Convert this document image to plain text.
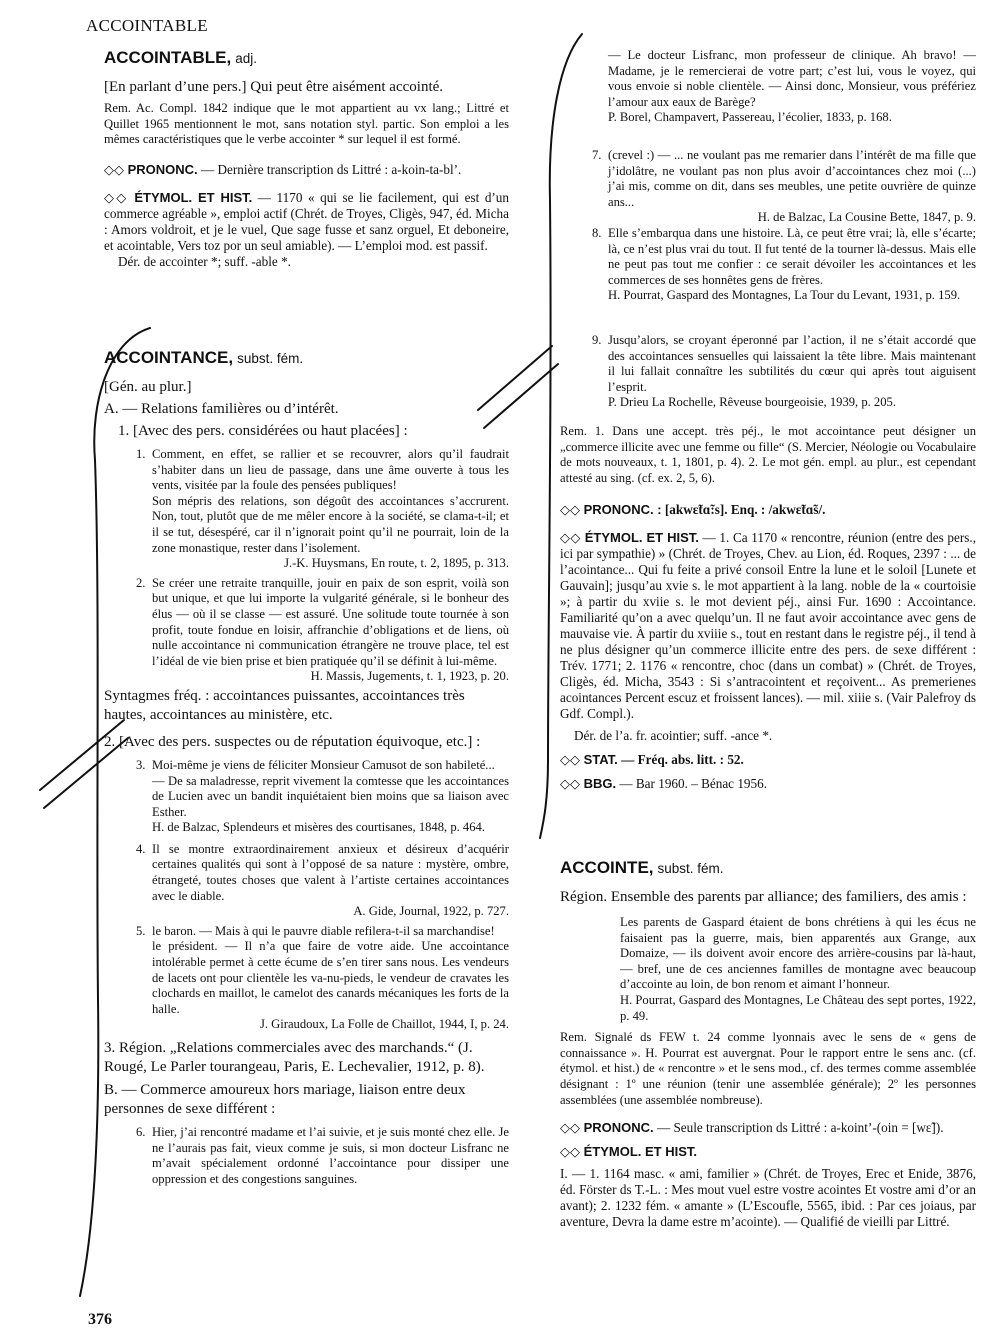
ACCOINTABLE
ACCOINTABLE, adj.

[En parlant d’une pers.] Qui peut être aisément accointé.

Rem. Ac. Compl. 1842 indique que le mot appartient au vx lang.; Littré et Quillet 1965 mentionnent le mot, sans notation styl. partic. Son emploi a les mêmes caractéristiques que le verbe accointer * sur lequel il est formé.

◇◇ PRONONC. — Dernière transcription ds Littré : a-koin-ta-bl’.

◇◇ ÉTYMOL. ET HIST. — 1170 « qui se lie facilement, qui est d’un commerce agréable », emploi actif (Chrét. de Troyes, Cligès, 947, éd. Micha : Amors voldroit, et je le vuel, Que sage fusse et sanz orguel, Et deboneire, et acointable, Vers toz por un seul amiable). — L’emploi mod. est passif.

Dér. de accointer *; suff. -able *.

ACCOINTANCE, subst. fém.

[Gén. au plur.]

A. — Relations familières ou d’intérêt.

1. [Avec des pers. considérées ou haut placées] :

1. Comment, en effet, se rallier et se recouvrer, alors qu’il faudrait s’habiter dans un lieu de passage, dans une âme ouverte à tous les vents, visitée par la foule des pensées publiques!

Son mépris des relations, son dégoût des accointances s’accrurent. Non, tout, plutôt que de me mêler encore à la société, se clama-t-il; et il se tut, désespéré, car il n’ignorait point qu’il ne pourrait, loin de la zone monastique, rester dans l’isolement.

J.-K. Huysmans, En route, t. 2, 1895, p. 313.

2. Se créer une retraite tranquille, jouir en paix de son esprit, voilà son but unique, et que lui importe la vulgarité générale, si le bonheur des élus — où il se classe — est assuré. Une solitude toute tournée à son profit, toute fondue en loisir, affranchie d’obligations et de liens, où nulle accointance ni communication étrangère ne trouve place, tel est l’idéal de vie bien prise et bien pratiquée qu’il se définit à lui-même.

H. Massis, Jugements, t. 1, 1923, p. 20.

Syntagmes fréq. : accointances puissantes, accointances très hautes, accointances au ministère, etc.

2. [Avec des pers. suspectes ou de réputation équivoque, etc.] :

3. Moi-même je viens de féliciter Monsieur Camusot de son habileté...

— De sa maladresse, reprit vivement la comtesse que les accointances de Lucien avec un bandit inquiétaient bien moins que sa liaison avec Esther.

H. de Balzac, Splendeurs et misères des courtisanes, 1848, p. 464.

4. Il se montre extraordinairement anxieux et désireux d’acquérir certaines qualités qui sont à l’opposé de sa nature : mystère, ombre, étrangeté, toutes choses que valent à l’artiste certaines accointances avec le diable.

A. Gide, Journal, 1922, p. 727.

5. le baron. — Mais à qui le pauvre diable refilera-t-il sa marchandise!

le président. — Il n’a que faire de votre aide. Une accointance intolérable permet à cette écume de s’en tirer sans nous. Les vendeurs de lacets ont pour clientèle les va-nu-pieds, le vendeur de cravates les clochards en maillot, le camelot des canards mécaniques les forts de la halle.

J. Giraudoux, La Folle de Chaillot, 1944, I, p. 24.

3. Région. „Relations commerciales avec des marchands.“ (J. Rougé, Le Parler tourangeau, Paris, E. Lechevalier, 1912, p. 8).

B. — Commerce amoureux hors mariage, liaison entre deux personnes de sexe différent :

6. Hier, j’ai rencontré madame et l’ai suivie, et je suis monté chez elle. Je ne l’aurais pas fait, vieux comme je suis, si mon docteur Lisfranc ne m’avait spécialement ordonné l’accointance pour dissiper une oppression et des congestions sanguines.

376

— Le docteur Lisfranc, mon professeur de clinique. Ah bravo! — Madame, je le remercierai de votre part; c’est lui, vous le voyez, qui vous envoie si noble clientèle. — Ainsi donc, Monsieur, vous préfériez l’amour aux eaux de Barège?

P. Borel, Champavert, Passereau, l’écolier, 1833, p. 168.

7. (crevel :) — ... ne voulant pas me remarier dans l’intérêt de ma fille que j’idolâtre, ne voulant pas non plus avoir d’accointances chez moi (...) j’ai mis, comme on dit, dans ses meubles, une petite ouvrière de quinze ans...

H. de Balzac, La Cousine Bette, 1847, p. 9.

8. Elle s’embarqua dans une histoire. Là, ce peut être vrai; là, elle s’écarte; là, ce n’est plus vrai du tout. Il fut tenté de la tourner là-dessus. Mais elle ne peut pas tout me confier : ce serait dévoiler les accointances et les commerces de ses honnêtes gens de frères.

H. Pourrat, Gaspard des Montagnes, La Tour du Levant, 1931, p. 159.

9. Jusqu’alors, se croyant éperonné par l’action, il ne s’était accordé que des accointances sensuelles qui laissaient la tête libre. Mais maintenant il lui fallait connaître les subtilités du cœur qui après tout aiguisent l’esprit.

P. Drieu La Rochelle, Rêveuse bourgeoisie, 1939, p. 205.

Rem. 1. Dans une accept. très péj., le mot accointance peut désigner un „commerce illicite avec une femme ou fille“ (S. Mercier, Néologie ou Vocabulaire de mots nouveaux, t. 1, 1801, p. 4). 2. Le mot gén. empl. au plur., est cependant attesté au sing. (cf. ex. 2, 5, 6).

◇◇ PRONONC. : [akwɛ̃tɑ̃:s]. Enq. : /akwɛ̃tɑ̃s/.

◇◇ ÉTYMOL. ET HIST. — 1. Ca 1170 « rencontre, réunion (entre des pers., ici par sympathie) » (Chrét. de Troyes, Chev. au Lion, éd. Roques, 2397 : ... de l’acointance... Qui fu feite a privé consoil Entre la lune et le soloil [Lunete et Gauvain]; jusqu’au xvie s. le mot appartient à la lang. noble de la « courtoisie »; à partir du xviie s. le mot devient péj., ainsi Fur. 1690 : Accointance. Familiarité qu’on a avec quelqu’un. Il ne faut avoir accointance avec gens de mauvaise vie. À partir du xviiie s., tout en restant dans le registre péj., il tend à ne plus désigner qu’un commerce illicite entre des pers. de sexe différent : Trév. 1771; 2. 1176 « rencontre, choc (dans un combat) » (Chrét. de Troyes, Cligès, éd. Micha, 3543 : Si s’antracointent et reçoivent... As premerienes acointances Percent escuz et froissent lances). — mil. xiiie s. (Vair Palefroy ds Gdf. Compl.).

Dér. de l’a. fr. acointier; suff. -ance *.

◇◇ STAT. — Fréq. abs. litt. : 52.

◇◇ BBG. — Bar 1960. – Bénac 1956.

ACCOINTE, subst. fém.

Région. Ensemble des parents par alliance; des familiers, des amis :

Les parents de Gaspard étaient de bons chrétiens à qui les écus ne faisaient pas la guerre, mais, bien apparentés aux Grange, aux Domaize, — ils doivent avoir encore des arrière-cousins par là-haut, — bref, une de ces anciennes familles de montagne avec beaucoup d’accointe au loin, de bon renom et aimant l’honneur.

H. Pourrat, Gaspard des Montagnes, Le Château des sept portes, 1922, p. 49.

Rem. Signalé ds FEW t. 24 comme lyonnais avec le sens de « gens de connaissance ». H. Pourrat est auvergnat. Pour le rapport entre le sens anc. (cf. étymol. et hist.) de « rencontre » et le sens mod., cf. des termes comme assemblée désignant : 1º une réunion (tenir une assemblée générale); 2º les personnes assemblées (une assemblée nombreuse).

◇◇ PRONONC. — Seule transcription ds Littré : a-koint’-(oin = [wɛ̃]).

◇◇ ÉTYMOL. ET HIST.

I. — 1. 1164 masc. « ami, familier » (Chrét. de Troyes, Erec et Enide, 3876, éd. Förster ds T.-L. : Mes mout vuel estre vostre acointes Et vostre ami d’or an avant); 2. 1232 fém. « amante » (L’Escoufle, 5565, ibid. : Par ces joiaus, par aventure, Devra la dame estre m’acointe). — Qualifié de vieilli par Littré.
